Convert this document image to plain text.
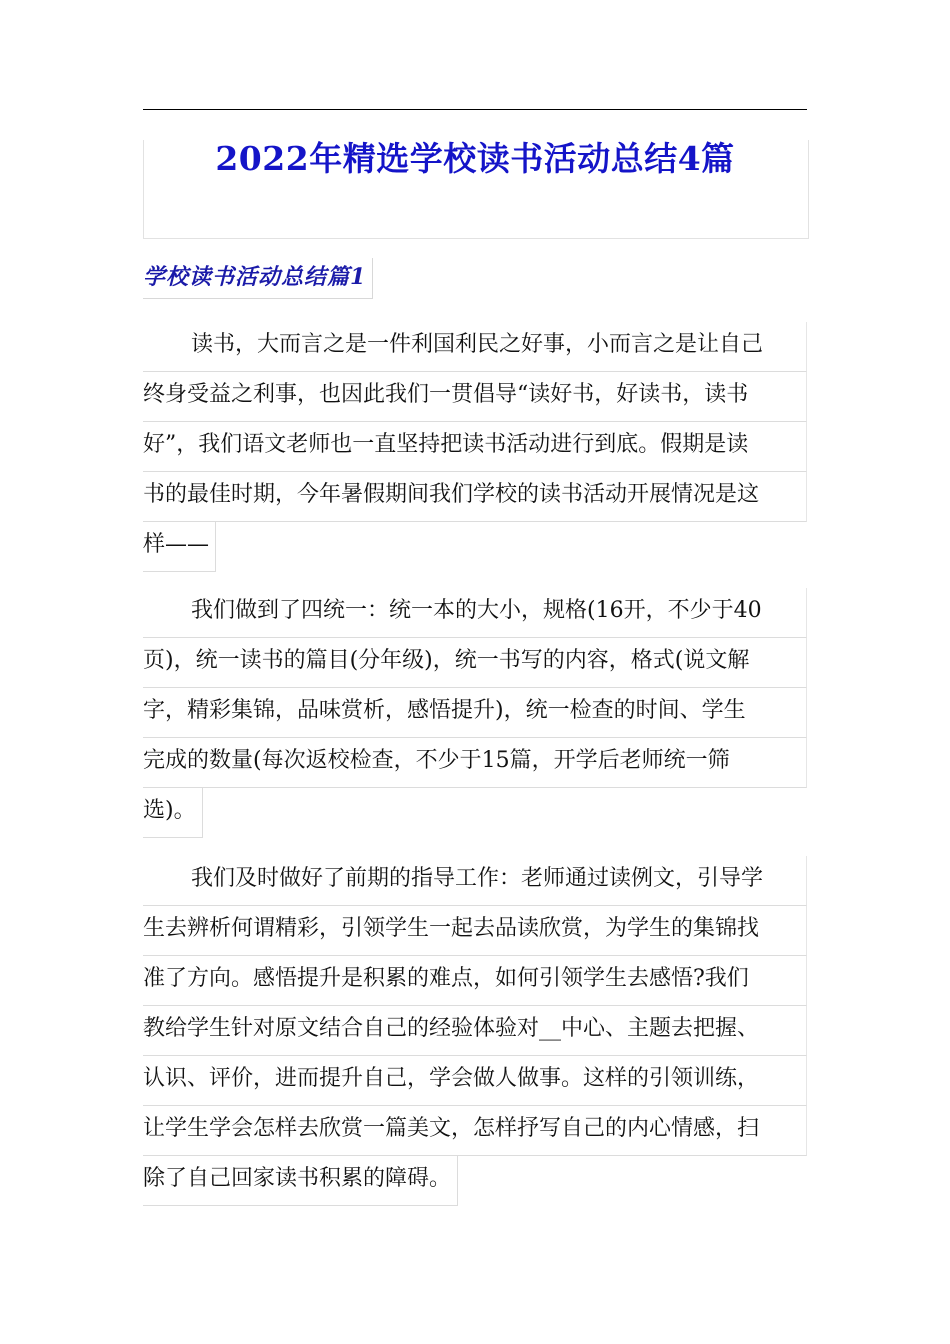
2022年精选学校读书活动总结4篇
学校读书活动总结篇1
读书，大而言之是一件利国利民之好事，小而言之是让自己
终身受益之利事，也因此我们一贯倡导“读好书，好读书，读书
好”，我们语文老师也一直坚持把读书活动进行到底。假期是读
书的最佳时期，今年暑假期间我们学校的读书活动开展情况是这
样——
我们做到了四统一：统一本的大小，规格(16开，不少于40
页)，统一读书的篇目(分年级)，统一书写的内容，格式(说文解
字，精彩集锦，品味赏析，感悟提升)，统一检查的时间、学生
完成的数量(每次返校检查，不少于15篇，开学后老师统一筛
选)。
我们及时做好了前期的指导工作：老师通过读例文，引导学
生去辨析何谓精彩，引领学生一起去品读欣赏，为学生的集锦找
准了方向。感悟提升是积累的难点，如何引领学生去感悟?我们
教给学生针对原文结合自己的经验体验对__中心、主题去把握、
认识、评价，进而提升自己，学会做人做事。这样的引领训练，
让学生学会怎样去欣赏一篇美文，怎样抒写自己的内心情感，扫
除了自己回家读书积累的障碍。
